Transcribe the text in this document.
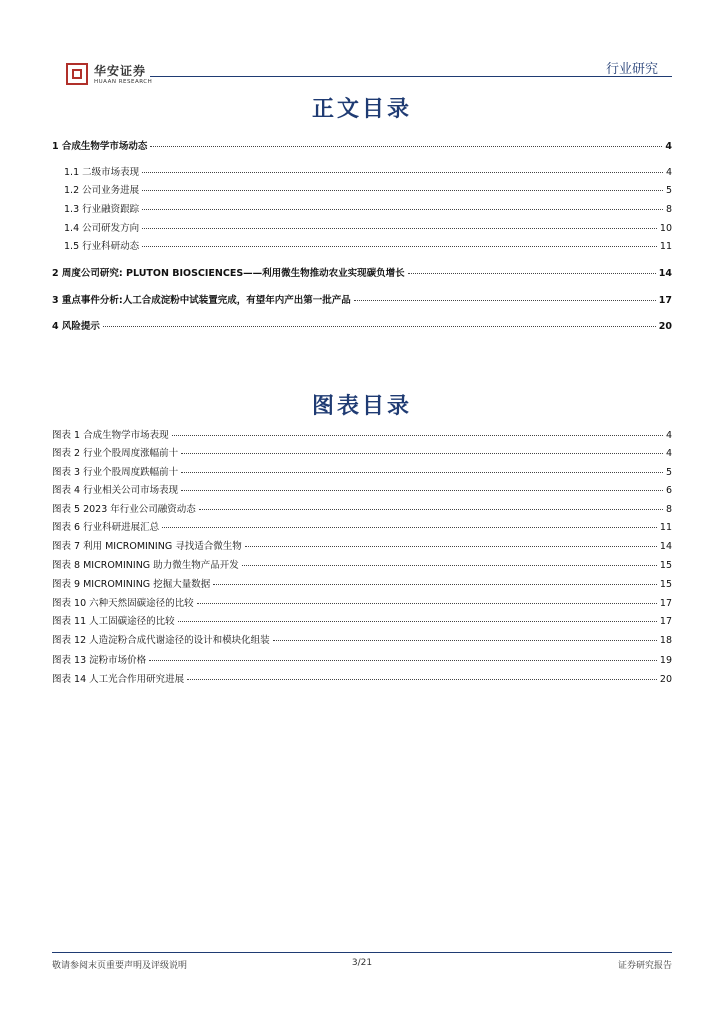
华安证券
HUAAN RESEARCH
行业研究
正文目录
1 合成生物学市场动态	4
1.1 二级市场表现	4
1.2 公司业务进展	5
1.3 行业融资跟踪	8
1.4 公司研发方向	10
1.5 行业科研动态	11
2 周度公司研究: PLUTON BIOSCIENCES——利用微生物推动农业实现碳负增长	14
3 重点事件分析:人工合成淀粉中试装置完成，有望年内产出第一批产品	17
4 风险提示	20
图表目录
图表 1 合成生物学市场表现	4
图表 2 行业个股周度涨幅前十	4
图表 3 行业个股周度跌幅前十	5
图表 4 行业相关公司市场表现	6
图表 5 2023 年行业公司融资动态	8
图表 6 行业科研进展汇总	11
图表 7 利用 MICROMINING 寻找适合微生物	14
图表 8 MICROMINING 助力微生物产品开发	15
图表 9 MICROMINING 挖掘大量数据	15
图表 10 六种天然固碳途径的比较	17
图表 11 人工固碳途径的比较	17
图表 12 人造淀粉合成代谢途径的设计和模块化组装	18
图表 13 淀粉市场价格	19
图表 14 人工光合作用研究进展	20
敬请参阅末页重要声明及评级说明	3/21	证券研究报告
